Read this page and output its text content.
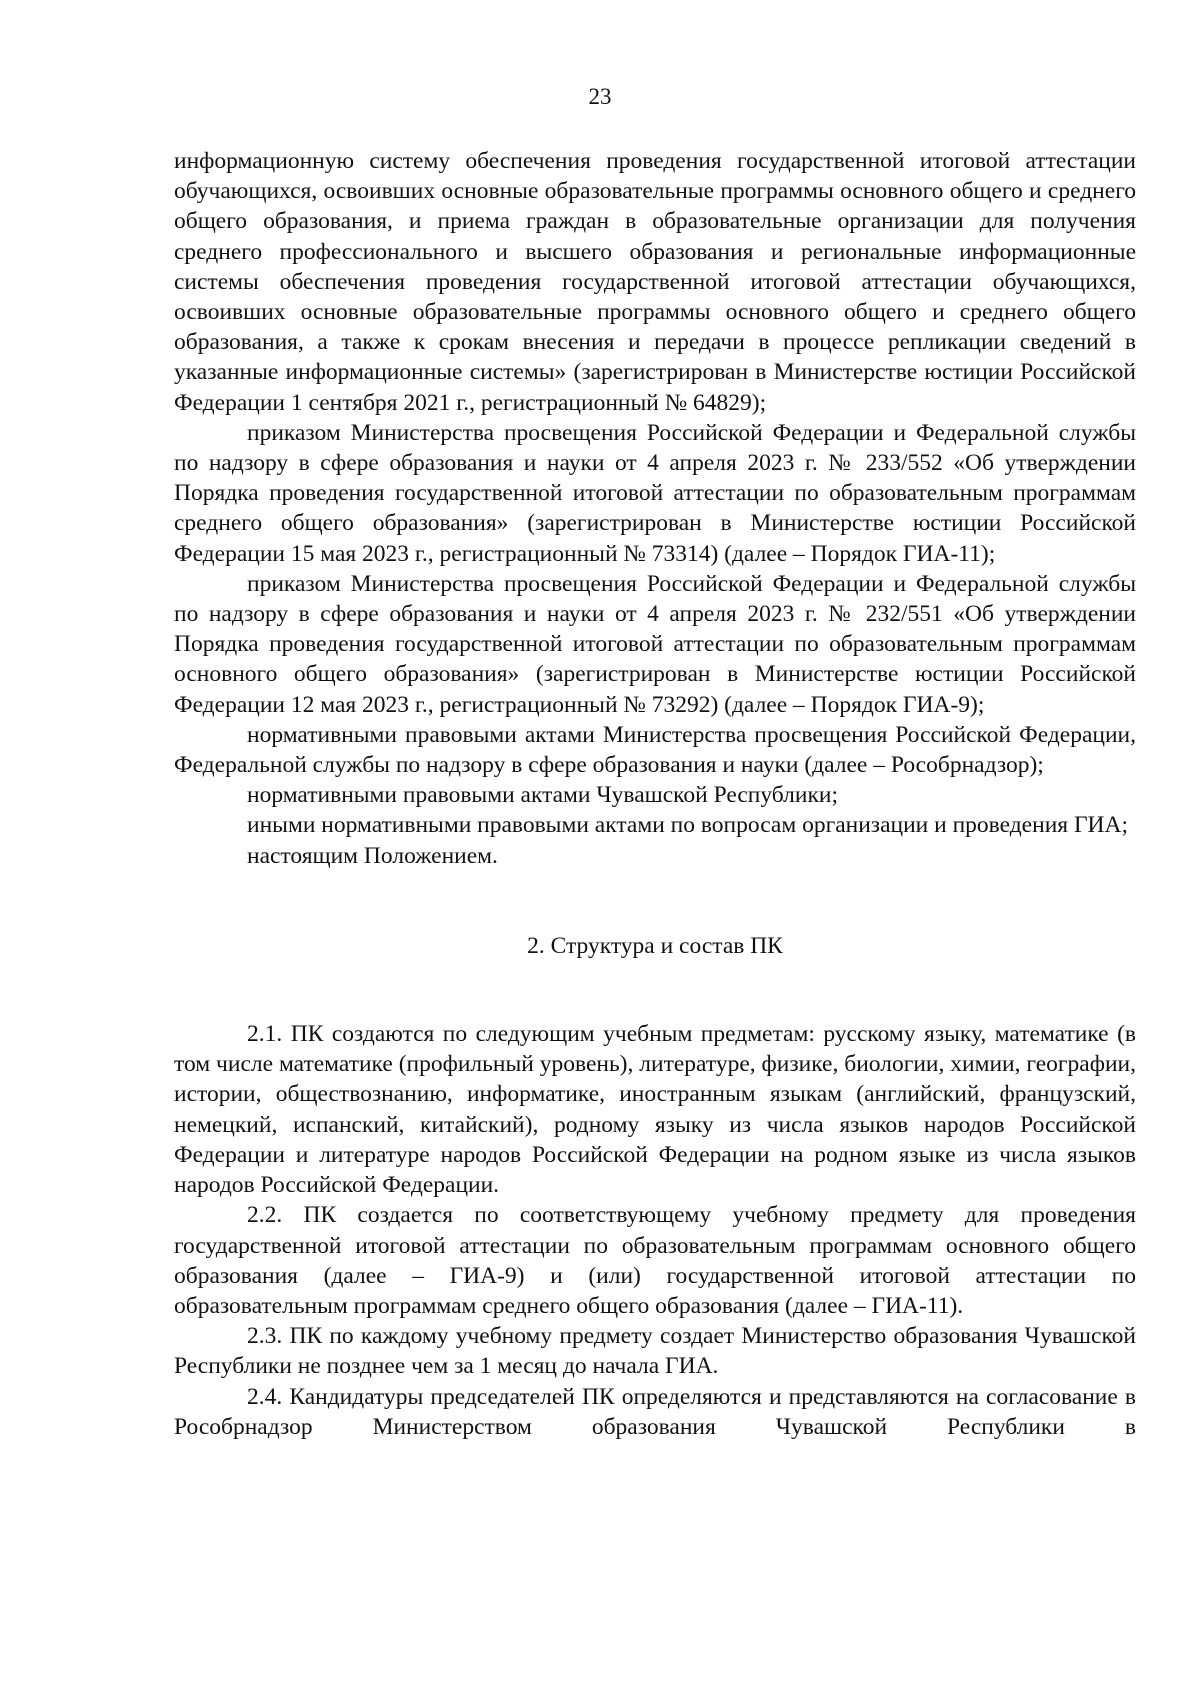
23

информационную систему обеспечения проведения государственной итоговой аттестации обучающихся, освоивших основные образовательные программы основного общего и среднего общего образования, и приема граждан в образовательные организации для получения среднего профессионального и высшего образования и региональные информационные системы обеспечения проведения государственной итоговой аттестации обучающихся, освоивших основные образовательные программы основного общего и среднего общего образования, а также к срокам внесения и передачи в процессе репликации сведений в указанные информационные системы» (зарегистрирован в Министерстве юстиции Российской Федерации 1 сентября 2021 г., регистрационный № 64829);

приказом Министерства просвещения Российской Федерации и Федеральной службы по надзору в сфере образования и науки от 4 апреля 2023 г. № 233/552 «Об утверждении Порядка проведения государственной итоговой аттестации по образовательным программам среднего общего образования» (зарегистрирован в Министерстве юстиции Российской Федерации 15 мая 2023 г., регистрационный № 73314) (далее – Порядок ГИА-11);

приказом Министерства просвещения Российской Федерации и Федеральной службы по надзору в сфере образования и науки от 4 апреля 2023 г. № 232/551 «Об утверждении Порядка проведения государственной итоговой аттестации по образовательным программам основного общего образования» (зарегистрирован в Министерстве юстиции Российской Федерации 12 мая 2023 г., регистрационный № 73292) (далее – Порядок ГИА-9);

нормативными правовыми актами Министерства просвещения Российской Федерации, Федеральной службы по надзору в сфере образования и науки (далее – Рособрнадзор);

нормативными правовыми актами Чувашской Республики;

иными нормативными правовыми актами по вопросам организации и проведения ГИА;

настоящим Положением.

2. Структура и состав ПК

2.1. ПК создаются по следующим учебным предметам: русскому языку, математике (в том числе математике (профильный уровень), литературе, физике, биологии, химии, географии, истории, обществознанию, информатике, иностранным языкам (английский, французский, немецкий, испанский, китайский), родному языку из числа языков народов Российской Федерации и литературе народов Российской Федерации на родном языке из числа языков народов Российской Федерации.

2.2. ПК создается по соответствующему учебному предмету для проведения государственной итоговой аттестации по образовательным программам основного общего образования (далее – ГИА-9) и (или) государственной итоговой аттестации по образовательным программам среднего общего образования (далее – ГИА-11).

2.3. ПК по каждому учебному предмету создает Министерство образования Чувашской Республики не позднее чем за 1 месяц до начала ГИА.

2.4. Кандидатуры председателей ПК определяются и представляются на согласование в Рособрнадзор Министерством образования Чувашской Республики в
